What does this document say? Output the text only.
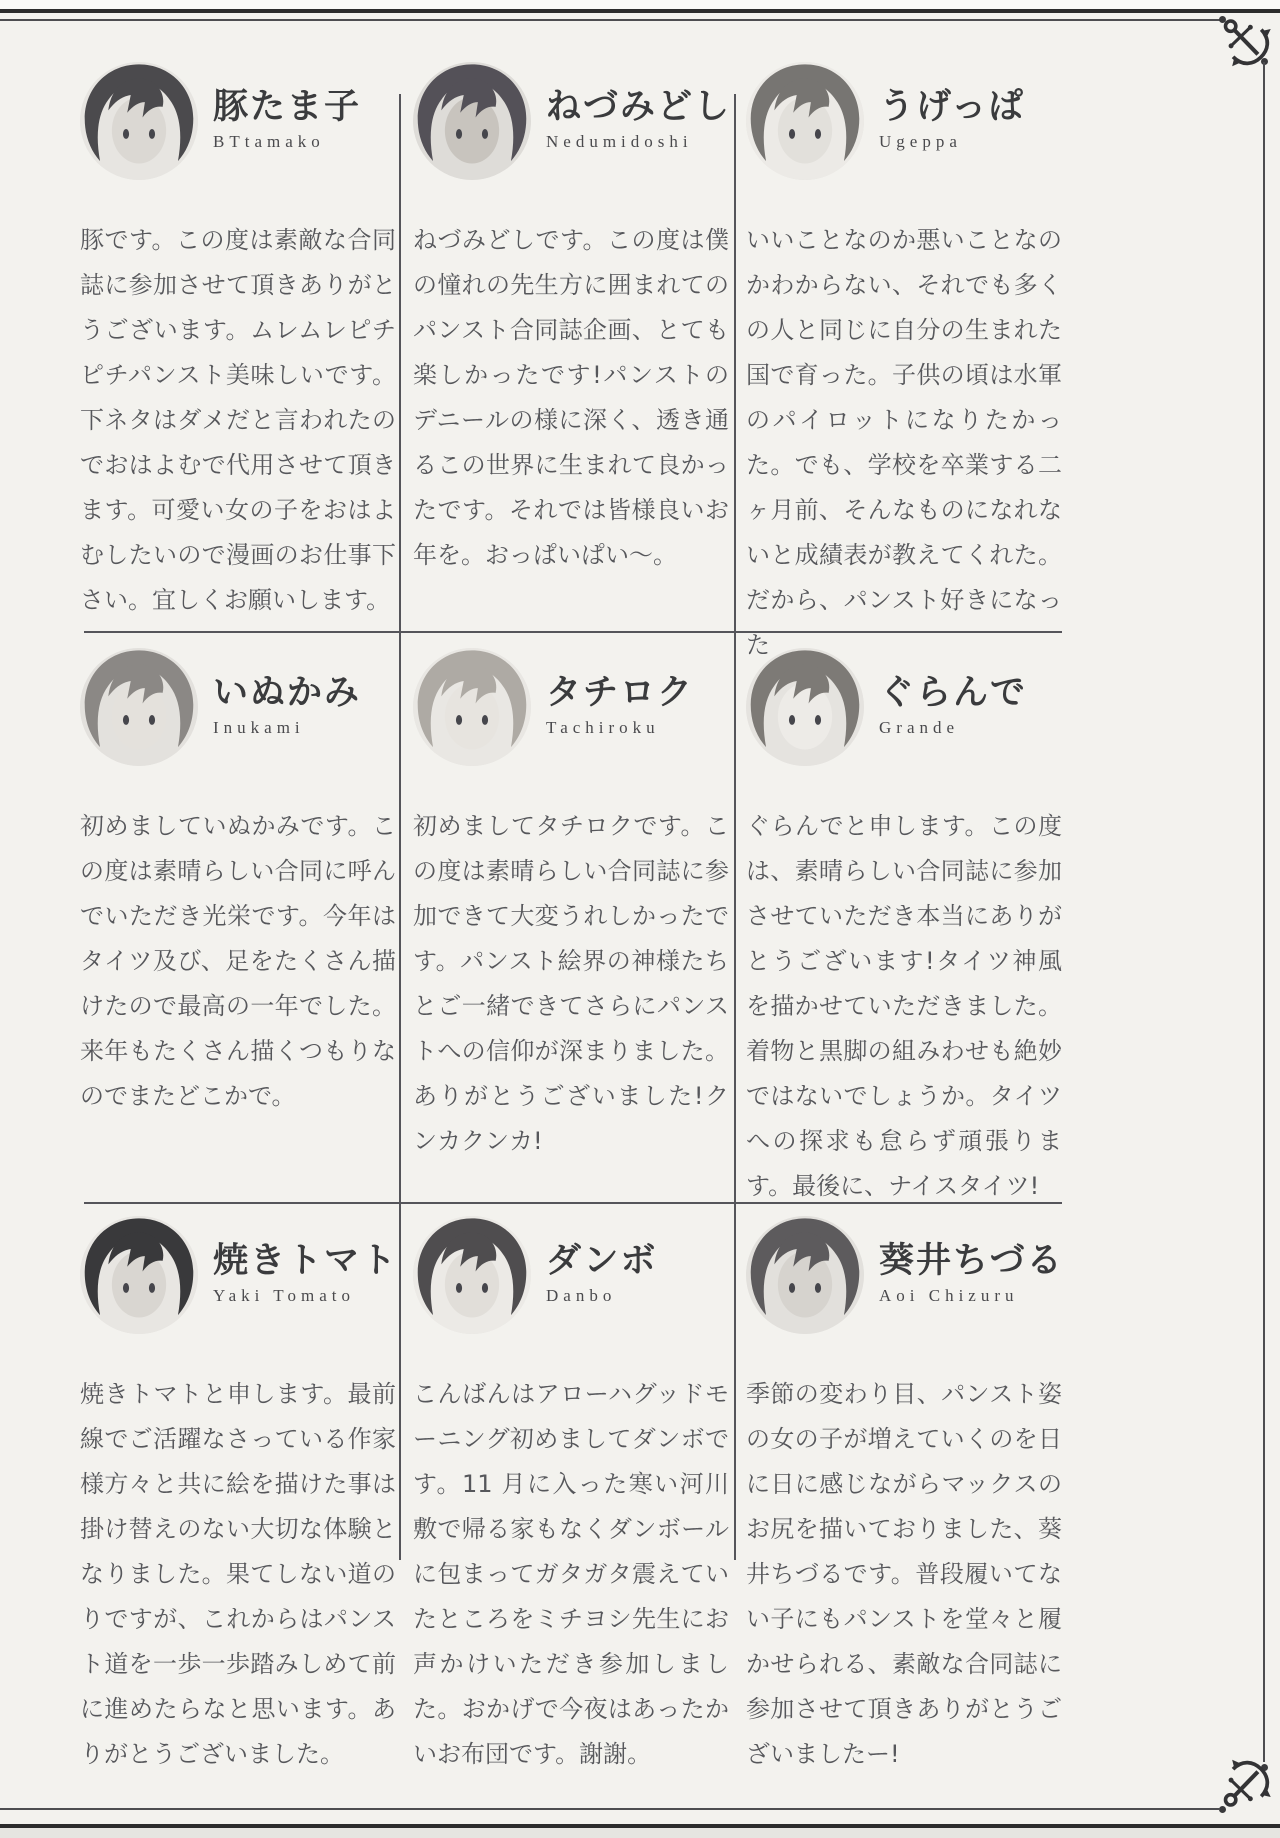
豚たま子
BTtamako

豚です。この度は素敵な合同誌に参加させて頂きありがとうございます。ムレムレピチピチパンスト美味しいです。下ネタはダメだと言われたのでおはよむで代用させて頂きます。可愛い女の子をおはよむしたいので漫画のお仕事下さい。宜しくお願いします。

ねづみどし
Nedumidoshi

ねづみどしです。この度は僕の憧れの先生方に囲まれてのパンスト合同誌企画、とても楽しかったです!パンストのデニールの様に深く、透き通るこの世界に生まれて良かったです。それでは皆様良いお年を。おっぱいぱい〜。

うげっぱ
Ugeppa

いいことなのか悪いことなのかわからない、それでも多くの人と同じに自分の生まれた国で育った。子供の頃は水軍のパイロットになりたかった。でも、学校を卒業する二ヶ月前、そんなものになれないと成績表が教えてくれた。だから、パンスト好きになった

いぬかみ
Inukami

初めましていぬかみです。この度は素晴らしい合同に呼んでいただき光栄です。今年はタイツ及び、足をたくさん描けたので最高の一年でした。来年もたくさん描くつもりなのでまたどこかで。

タチロク
Tachiroku

初めましてタチロクです。この度は素晴らしい合同誌に参加できて大変うれしかったです。パンスト絵界の神様たちとご一緒できてさらにパンストへの信仰が深まりました。ありがとうございました!クンカクンカ!

ぐらんで
Grande

ぐらんでと申します。この度は、素晴らしい合同誌に参加させていただき本当にありがとうございます!タイツ神風を描かせていただきました。着物と黒脚の組みわせも絶妙ではないでしょうか。タイツへの探求も怠らず頑張ります。最後に、ナイスタイツ!

焼きトマト
Yaki Tomato

焼きトマトと申します。最前線でご活躍なさっている作家様方々と共に絵を描けた事は掛け替えのない大切な体験となりました。果てしない道のりですが、これからはパンスト道を一歩一歩踏みしめて前に進めたらなと思います。ありがとうございました。

ダンボ
Danbo

こんばんはアローハグッドモーニング初めましてダンボです。11 月に入った寒い河川敷で帰る家もなくダンボールに包まってガタガタ震えていたところをミチヨシ先生にお声かけいただき参加しました。おかげで今夜はあったかいお布団です。謝謝。

葵井ちづる
Aoi Chizuru

季節の変わり目、パンスト姿の女の子が増えていくのを日に日に感じながらマックスのお尻を描いておりました、葵井ちづるです。普段履いてない子にもパンストを堂々と履かせられる、素敵な合同誌に参加させて頂きありがとうございましたー!
